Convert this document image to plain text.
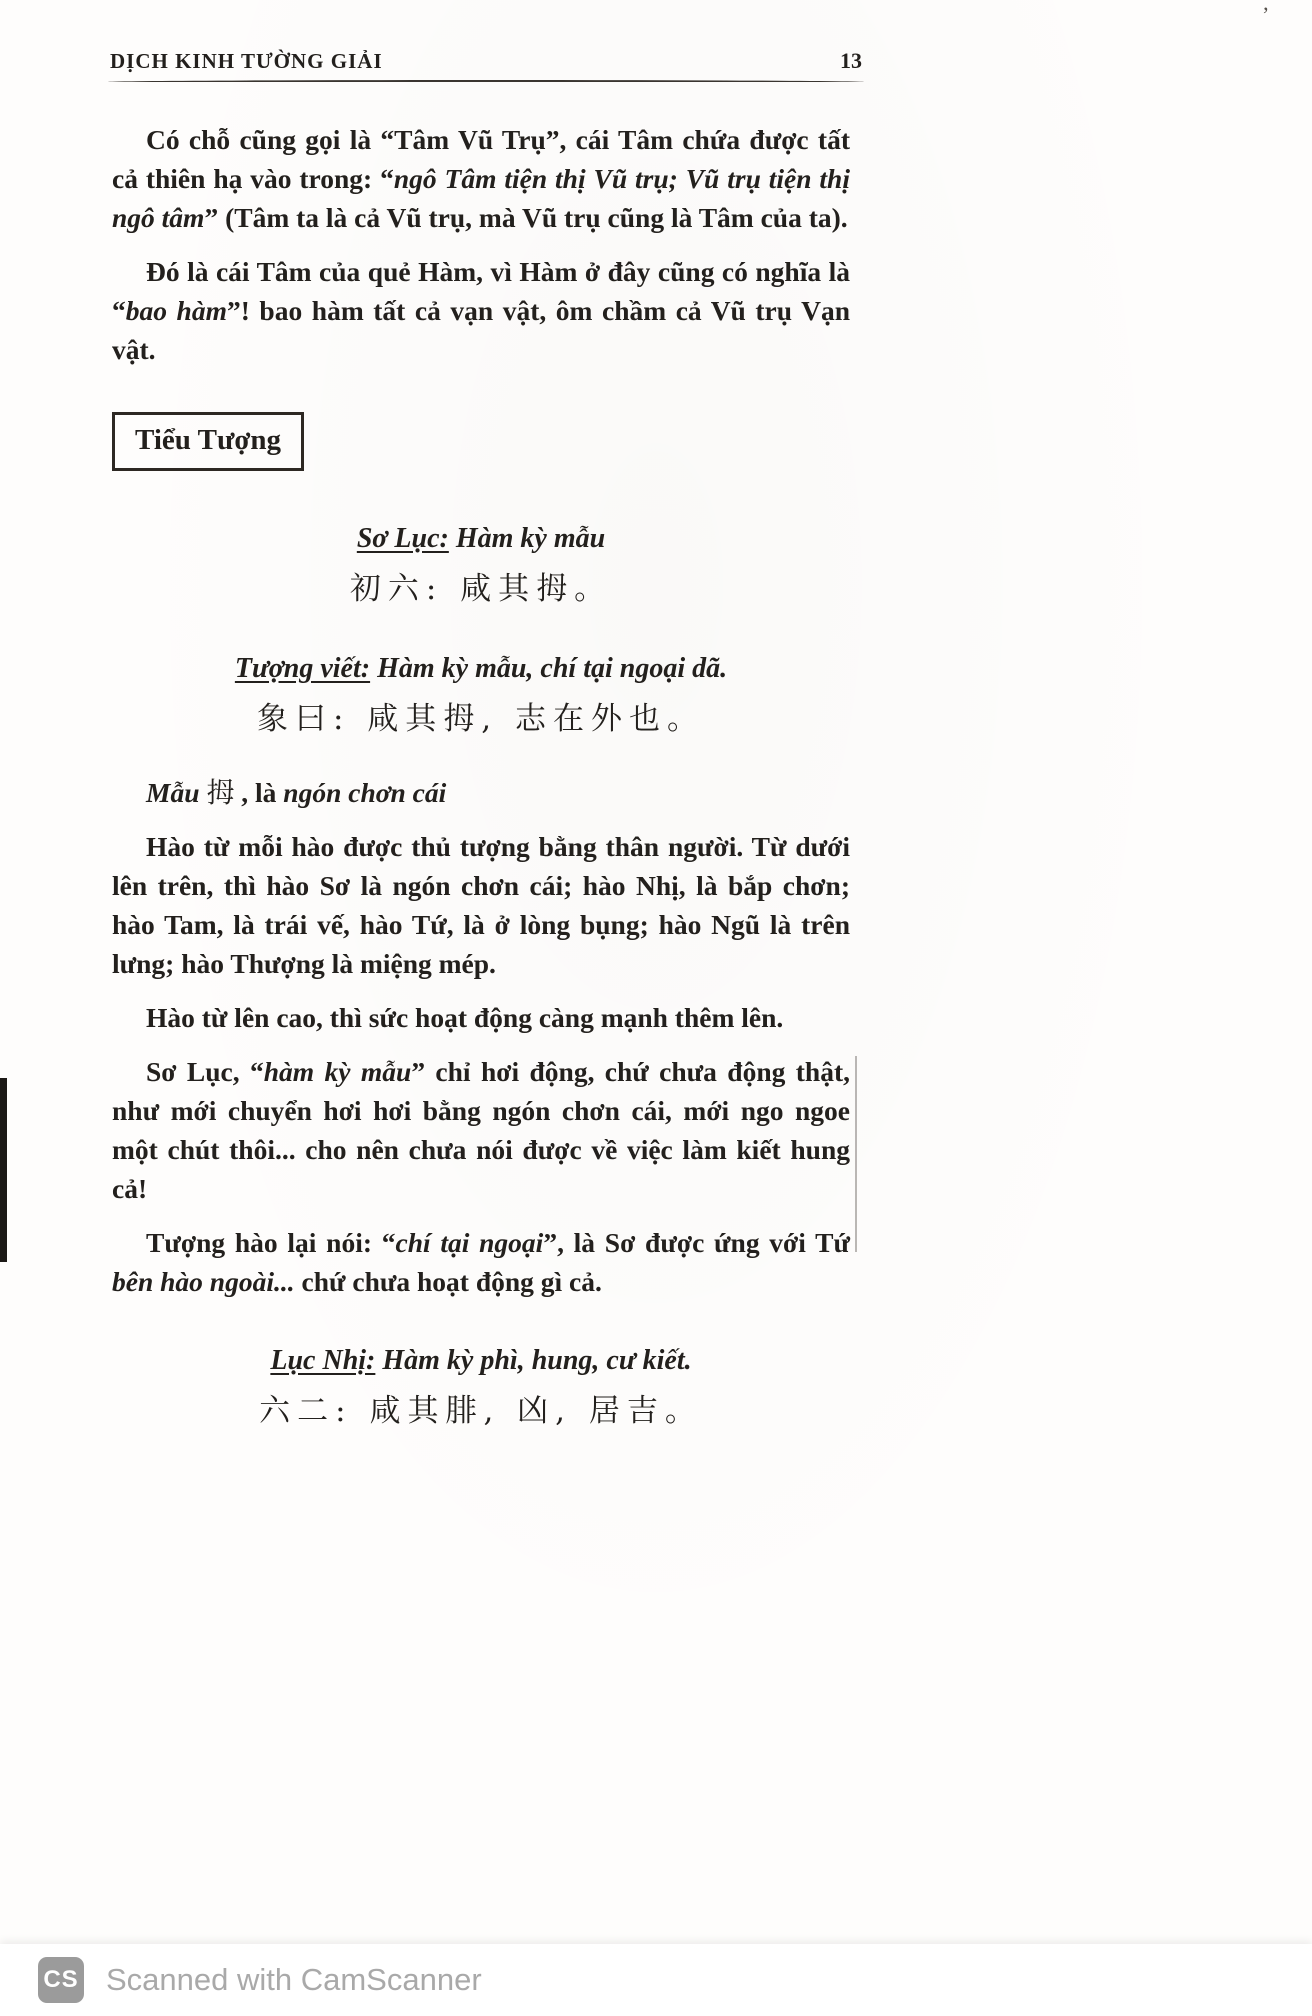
’
DỊCH KINH TƯỜNG GIẢI	13

Có chỗ cũng gọi là “Tâm Vũ Trụ”, cái Tâm chứa được tất cả thiên hạ vào trong: “ngô Tâm tiện thị Vũ trụ; Vũ trụ tiện thị ngô tâm” (Tâm ta là cả Vũ trụ, mà Vũ trụ cũng là Tâm của ta).

Đó là cái Tâm của quẻ Hàm, vì Hàm ở đây cũng có nghĩa là “bao hàm”! bao hàm tất cả vạn vật, ôm chầm cả Vũ trụ Vạn vật.

Tiểu Tượng
Sơ Lục: Hàm kỳ mẫu
初六: 咸其拇。
Tượng viết: Hàm kỳ mẫu, chí tại ngoại dã.
象曰: 咸其拇, 志在外也。

Mẫu 拇 , là ngón chơn cái

Hào từ mỗi hào được thủ tượng bằng thân người. Từ dưới lên trên, thì hào Sơ là ngón chơn cái; hào Nhị, là bắp chơn; hào Tam, là trái vế, hào Tứ, là ở lòng bụng; hào Ngũ là trên lưng; hào Thượng là miệng mép.

Hào từ lên cao, thì sức hoạt động càng mạnh thêm lên.

Sơ Lục, “hàm kỳ mẫu” chỉ hơi động, chứ chưa động thật, như mới chuyển hơi hơi bằng ngón chơn cái, mới ngo ngoe một chút thôi... cho nên chưa nói được về việc làm kiết hung cả!

Tượng hào lại nói: “chí tại ngoại”, là Sơ được ứng với Tứ bên hào ngoài... chứ chưa hoạt động gì cả.

Lục Nhị: Hàm kỳ phì, hung, cư kiết.
六二: 咸其腓, 凶, 居吉。
CS Scanned with CamScanner
